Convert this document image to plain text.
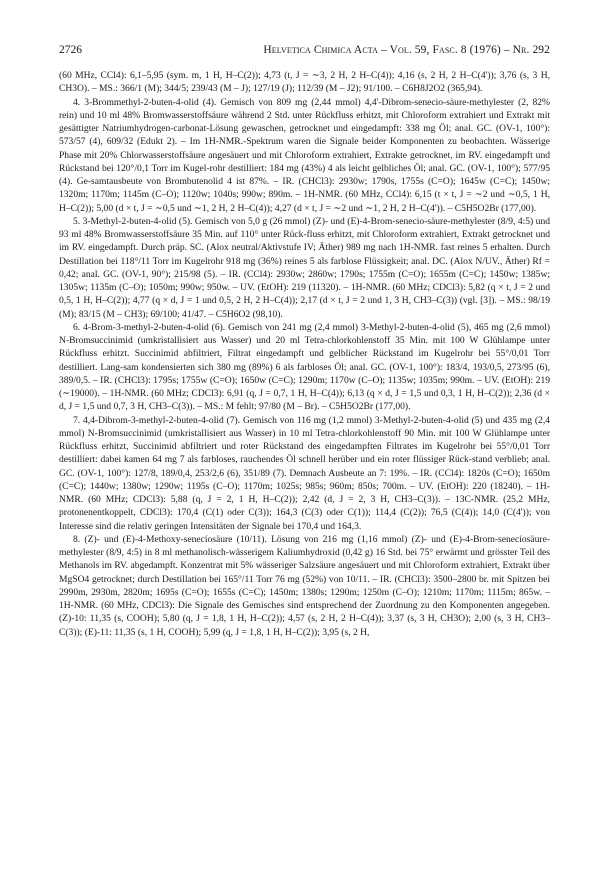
2726	Helvetica Chimica Acta – Vol. 59, Fasc. 8 (1976) – Nr. 292

(60 MHz, CCl4): 6,1–5,95 (sym. m, 1 H, H–C(2)); 4,73 (t, J = ∼3, 2 H, 2 H–C(4)); 4,16 (s, 2 H, 2 H–C(4')); 3,76 (s, 3 H, CH3O). – MS.: 366/1 (M); 344/5; 239/43 (M – J); 127/19 (J); 112/39 (M – J2); 91/100. – C6H8J2O2 (365,94).

4. 3-Brommethyl-2-buten-4-olid (4). Gemisch von 809 mg (2,44 mmol) 4,4'-Dibrom-senecio-säure-methylester (2, 82% rein) und 10 ml 48% Bromwasserstoffsäure während 2 Std. unter Rückfluss erhitzt, mit Chloroform extrahiert und Extrakt mit gesättigter Natriumhydrogen-carbonat-Lösung gewaschen, getrocknet und eingedampft: 338 mg Öl; anal. GC. (OV-1, 100°): 573/57 (4), 609/32 (Edukt 2). – Im 1H-NMR.-Spektrum waren die Signale beider Komponenten zu beobachten. Wässerige Phase mit 20% Chlorwasserstoffsäure angesäuert und mit Chloroform extrahiert, Extrakte getrocknet, im RV. eingedampft und Rückstand bei 120°/0,1 Torr im Kugel-rohr destilliert: 184 mg (43%) 4 als leicht gelbliches Öl; anal. GC. (OV-1, 100°); 577/95 (4). Ge-samtausbeute von Brombutenolid 4 ist 87%. – IR. (CHCl3): 2930w; 1790s, 1755s (C=O); 1645w (C=C); 1450w; 1320m; 1170m; 1145m (C–O); 1120w; 1040s; 990w; 890m. – 1H-NMR. (60 MHz, CCl4): 6,15 (t × t, J = ∼2 und ∼0,5, 1 H, H–C(2)); 5,00 (d × t, J = ∼0,5 und ∼1, 2 H, 2 H–C(4)); 4,27 (d × t, J = ∼2 und ∼1, 2 H, 2 H–C(4')). – C5H5O2Br (177,00).

5. 3-Methyl-2-buten-4-olid (5). Gemisch von 5,0 g (26 mmol) (Z)- und (E)-4-Brom-senecio-säure-methylester (8/9, 4:5) und 93 ml 48% Bromwasserstoffsäure 35 Min. auf 110° unter Rück-fluss erhitzt, mit Chloroform extrahiert, Extrakt getrocknet und im RV. eingedampft. Durch präp. SC. (Alox neutral/Aktivstufe IV; Äther) 989 mg nach 1H-NMR. fast reines 5 erhalten. Durch Destillation bei 118°/11 Torr im Kugelrohr 918 mg (36%) reines 5 als farblose Flüssigkeit; anal. DC. (Alox N/UV., Äther) Rf = 0,42; anal. GC. (OV-1, 90°); 215/98 (5). – IR. (CCl4): 2930w; 2860w; 1790s; 1755m (C=O); 1655m (C=C); 1450w; 1385w; 1305w; 1135m (C–O); 1050m; 990w; 950w. – UV. (EtOH): 219 (11320). – 1H-NMR. (60 MHz; CDCl3): 5,82 (q × t, J = 2 und 0,5, 1 H, H–C(2)); 4,77 (q × d, J = 1 und 0,5, 2 H, 2 H–C(4)); 2,17 (d × t, J = 2 und 1, 3 H, CH3–C(3)) (vgl. [3]). – MS.: 98/19 (M); 83/15 (M – CH3); 69/100; 41/47. – C5H6O2 (98,10).

6. 4-Brom-3-methyl-2-buten-4-olid (6). Gemisch von 241 mg (2,4 mmol) 3-Methyl-2-buten-4-olid (5), 465 mg (2,6 mmol) N-Bromsuccinimid (umkristallisiert aus Wasser) und 20 ml Tetra-chlorkohlenstoff 35 Min. mit 100 W Glühlampe unter Rückfluss erhitzt. Succinimid abfiltriert, Filtrat eingedampft und gelblicher Rückstand im Kugelrohr bei 55°/0,01 Torr destilliert. Lang-sam kondensierten sich 380 mg (89%) 6 als farbloses Öl; anal. GC. (OV-1, 100°): 183/4, 193/0,5, 273/95 (6), 389/0,5. – IR. (CHCl3): 1795s; 1755w (C=O); 1650w (C=C); 1290m; 1170w (C–O); 1135w; 1035m; 990m. – UV. (EtOH): 219 (∼19000). – 1H-NMR. (60 MHz; CDCl3): 6,91 (q, J = 0,7, 1 H, H–C(4)); 6,13 (q × d, J = 1,5 und 0,3, 1 H, H–C(2)); 2,36 (d × d, J = 1,5 und 0,7, 3 H, CH3–C(3)). – MS.: M fehlt; 97/80 (M – Br). – C5H5O2Br (177,00).

7. 4,4-Dibrom-3-methyl-2-buten-4-olid (7). Gemisch von 116 mg (1,2 mmol) 3-Methyl-2-buten-4-olid (5) und 435 mg (2,4 mmol) N-Bromsuccinimid (umkristallisiert aus Wasser) in 10 ml Tetra-chlorkohlenstoff 90 Min. mit 100 W Glühlampe unter Rückfluss erhitzt, Succinimid abfiltriert und roter Rückstand des eingedampften Filtrates im Kugelrohr bei 55°/0,01 Torr destilliert: dabei kamen 64 mg 7 als farbloses, rauchendes Öl schnell herüber und ein roter flüssiger Rück-stand verblieb; anal. GC. (OV-1, 100°): 127/8, 189/0,4, 253/2,6 (6), 351/89 (7). Demnach Ausbeute an 7: 19%. – IR. (CCl4): 1820s (C=O); 1650m (C=C); 1440w; 1380w; 1290w; 1195s (C–O); 1170m; 1025s; 985s; 960m; 850s; 700m. – UV. (EtOH): 220 (18240). – 1H-NMR. (60 MHz; CDCl3): 5,88 (q, J = 2, 1 H, H–C(2)); 2,42 (d, J = 2, 3 H, CH3–C(3)). – 13C-NMR. (25,2 MHz, protonenentkoppelt, CDCl3): 170,4 (C(1) oder C(3)); 164,3 (C(3) oder C(1)); 114,4 (C(2)); 76,5 (C(4)); 14,0 (C(4')); von Interesse sind die relativ geringen Intensitäten der Signale bei 170,4 und 164,3.

8. (Z)- und (E)-4-Methoxy-senecíosäure (10/11). Lösung von 216 mg (1,16 mmol) (Z)- und (E)-4-Brom-senecíosäure-methylester (8/9, 4:5) in 8 ml methanolisch-wässerigem Kaliumhydroxid (0,42 g) 16 Std. bei 75° erwärmt und grösster Teil des Methanols im RV. abgedampft. Konzentrat mit 5% wässeriger Salzsäure angesäuert und mit Chloroform extrahiert, Extrakt über MgSO4 getrocknet; durch Destillation bei 165°/11 Torr 76 mg (52%) von 10/11. – IR. (CHCl3): 3500–2800 br. mit Spitzen bei 2990m, 2930m, 2820m; 1695s (C=O); 1655s (C=C); 1450m; 1380s; 1290m; 1250m (C–O); 1210m; 1170m; 1115m; 865w. – 1H-NMR. (60 MHz, CDCl3): Die Signale des Gemisches sind entsprechend der Zuordnung zu den Komponenten angegeben. (Z)-10: 11,35 (s, COOH); 5,80 (q, J = 1,8, 1 H, H–C(2)); 4,57 (s, 2 H, 2 H–C(4)); 3,37 (s, 3 H, CH3O); 2,00 (s, 3 H, CH3–C(3)); (E)-11: 11,35 (s, 1 H, COOH); 5,99 (q, J = 1,8, 1 H, H–C(2)); 3,95 (s, 2 H,
